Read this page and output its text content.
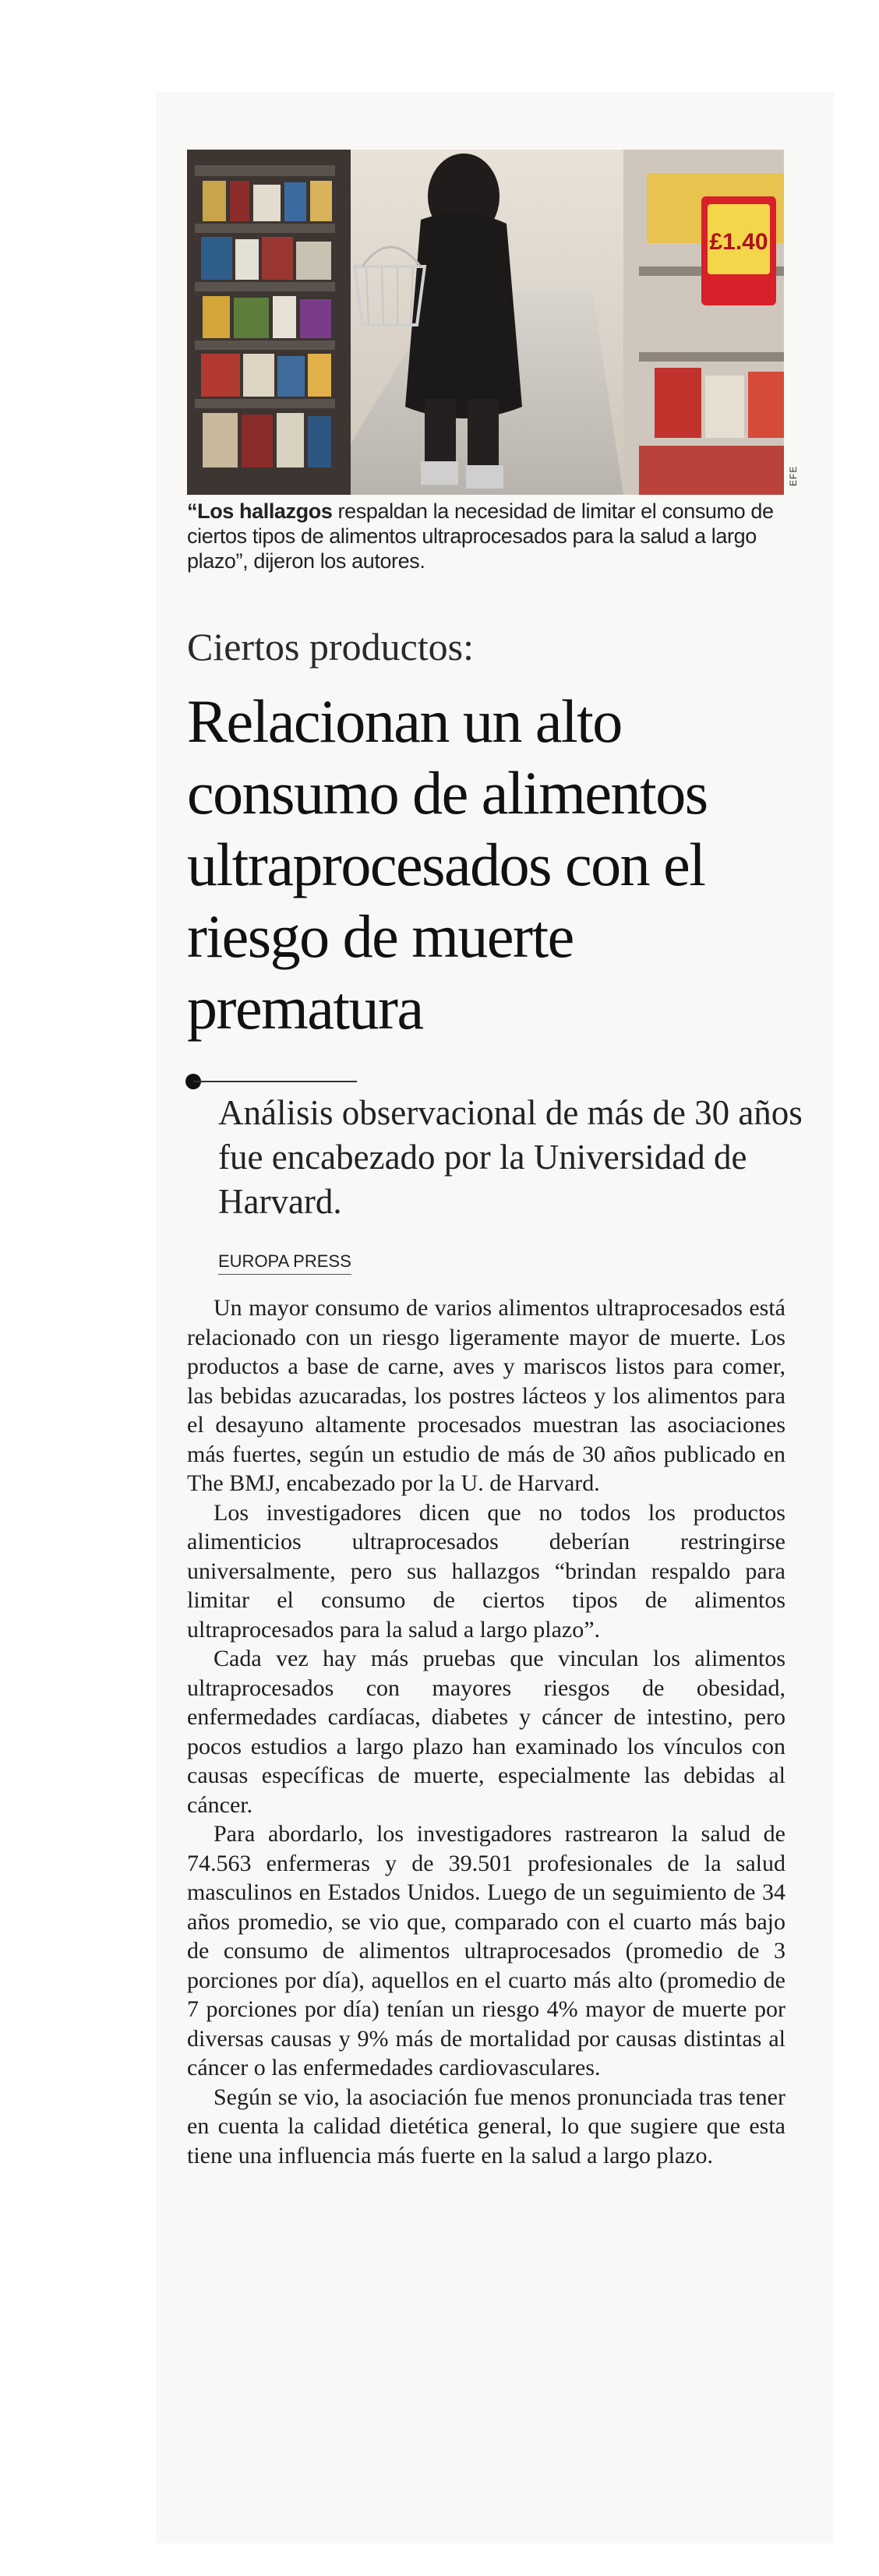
£1.40
EFE
“Los hallazgos respaldan la necesidad de limitar el consumo de ciertos tipos de alimentos ultraprocesados para la salud a largo plazo”, dijeron los autores.
Ciertos productos:
Relacionan un alto consumo de alimentos ultraprocesados con el riesgo de muerte prematura
Análisis observacional de más de 30 años fue encabezado por la Universidad de Harvard.
EUROPA PRESS

Un mayor consumo de varios alimentos ultraprocesados está relacionado con un riesgo ligeramente mayor de muerte. Los productos a base de carne, aves y mariscos listos para comer, las bebidas azucaradas, los postres lácteos y los alimentos para el desayuno altamente procesados muestran las asociaciones más fuertes, según un estudio de más de 30 años publicado en The BMJ, encabezado por la U. de Harvard.

Los investigadores dicen que no todos los productos alimenticios ultraprocesados deberían restringirse universalmente, pero sus hallazgos “brindan respaldo para limitar el consumo de ciertos tipos de alimentos ultraprocesados para la salud a largo plazo”.

Cada vez hay más pruebas que vinculan los alimentos ultraprocesados con mayores riesgos de obesidad, enfermedades cardíacas, diabetes y cáncer de intestino, pero pocos estudios a largo plazo han examinado los vínculos con causas específicas de muerte, especialmente las debidas al cáncer.

Para abordarlo, los investigadores rastrearon la salud de 74.563 enfermeras y de 39.501 profesionales de la salud masculinos en Estados Unidos. Luego de un seguimiento de 34 años promedio, se vio que, comparado con el cuarto más bajo de consumo de alimentos ultraprocesados (promedio de 3 porciones por día), aquellos en el cuarto más alto (promedio de 7 porciones por día) tenían un riesgo 4% mayor de muerte por diversas causas y 9% más de mortalidad por causas distintas al cáncer o las enfermedades cardiovasculares.

Según se vio, la asociación fue menos pronunciada tras tener en cuenta la calidad dietética general, lo que sugiere que esta tiene una influencia más fuerte en la salud a largo plazo.
